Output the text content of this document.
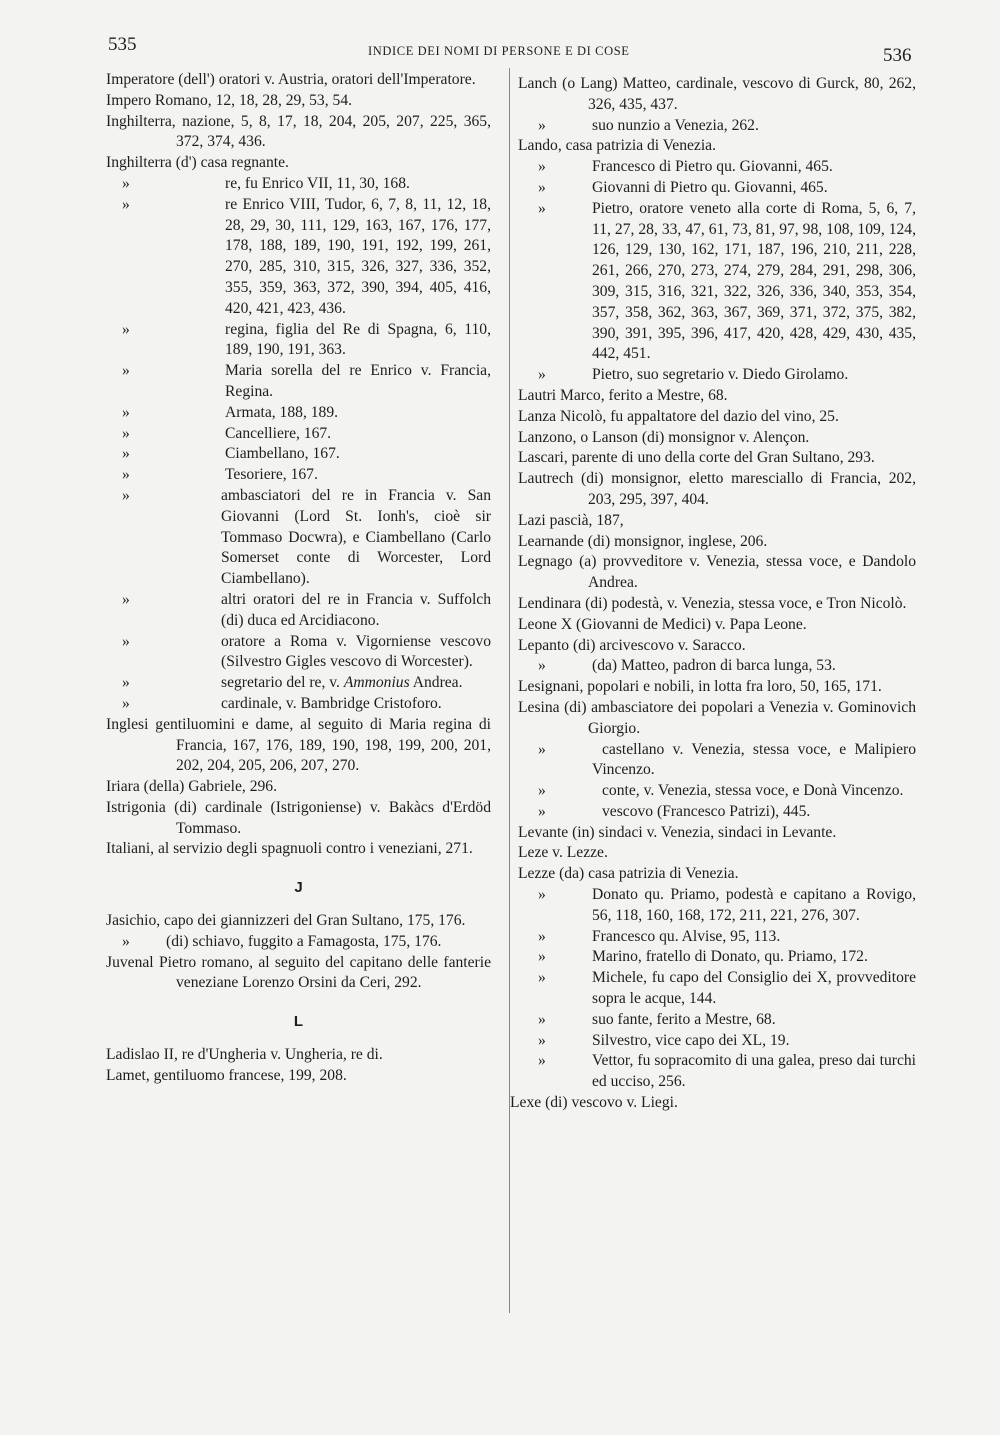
535	INDICE DEI NOMI DI PERSONE E DI COSE	536
Imperatore (dell') oratori v. Austria, oratori dell'Imperatore.
Impero Romano, 12, 18, 28, 29, 53, 54.
Inghilterra, nazione, 5, 8, 17, 18, 204, 205, 207, 225, 365, 372, 374, 436.
Inghilterra (d') casa regnante.
»	re, fu Enrico VII, 11, 30, 168.
»	re Enrico VIII, Tudor, 6, 7, 8, 11, 12, 18, 28, 29, 30, 111, 129, 163, 167, 176, 177, 178, 188, 189, 190, 191, 192, 199, 261, 270, 285, 310, 315, 326, 327, 336, 352, 355, 359, 363, 372, 390, 394, 405, 416, 420, 421, 423, 436.
»	regina, figlia del Re di Spagna, 6, 110, 189, 190, 191, 363.
»	Maria sorella del re Enrico v. Francia, Regina.
»	Armata, 188, 189.
»	Cancelliere, 167.
»	Ciambellano, 167.
»	Tesoriere, 167.
»	ambasciatori del re in Francia v. San Giovanni (Lord St. Ionh's, cioè sir Tommaso Docwra), e Ciambellano (Carlo Somerset conte di Worcester, Lord Ciambellano).
»	altri oratori del re in Francia v. Suffolch (di) duca ed Arcidiacono.
»	oratore a Roma v. Vigorniense vescovo (Silvestro Gigles vescovo di Worcester).
»	segretario del re, v. Ammonius Andrea.
»	cardinale, v. Bambridge Cristoforo.
Inglesi gentiluomini e dame, al seguito di Maria regina di Francia, 167, 176, 189, 190, 198, 199, 200, 201, 202, 204, 205, 206, 207, 270.
Iriara (della) Gabriele, 296.
Istrigonia (di) cardinale (Istrigoniense) v. Bakàcs d'Erdöd Tommaso.
Italiani, al servizio degli spagnuoli contro i veneziani, 271.
J
Jasichio, capo dei giannizzeri del Gran Sultano, 175, 176.
» (di) schiavo, fuggito a Famagosta, 175, 176.
Juvenal Pietro romano, al seguito del capitano delle fanterie veneziane Lorenzo Orsini da Ceri, 292.
L
Ladislao II, re d'Ungheria v. Ungheria, re di.
Lamet, gentiluomo francese, 199, 208.
Lanch (o Lang) Matteo, cardinale, vescovo di Gurck, 80, 262, 326, 435, 437.
»	suo nunzio a Venezia, 262.
Lando, casa patrizia di Venezia.
»	Francesco di Pietro qu. Giovanni, 465.
»	Giovanni di Pietro qu. Giovanni, 465.
»	Pietro, oratore veneto alla corte di Roma, 5, 6, 7, 11, 27, 28, 33, 47, 61, 73, 81, 97, 98, 108, 109, 124, 126, 129, 130, 162, 171, 187, 196, 210, 211, 228, 261, 266, 270, 273, 274, 279, 284, 291, 298, 306, 309, 315, 316, 321, 322, 326, 336, 340, 353, 354, 357, 358, 362, 363, 367, 369, 371, 372, 375, 382, 390, 391, 395, 396, 417, 420, 428, 429, 430, 435, 442, 451.
»	Pietro, suo segretario v. Diedo Girolamo.
Lautri Marco, ferito a Mestre, 68.
Lanza Nicolò, fu appaltatore del dazio del vino, 25.
Lanzono, o Lanson (di) monsignor v. Alençon.
Lascari, parente di uno della corte del Gran Sultano, 293.
Lautrech (di) monsignor, eletto maresciallo di Francia, 202, 203, 295, 397, 404.
Lazi pascià, 187,
Learnande (di) monsignor, inglese, 206.
Legnago (a) provveditore v. Venezia, stessa voce, e Dandolo Andrea.
Lendinara (di) podestà, v. Venezia, stessa voce, e Tron Nicolò.
Leone X (Giovanni de Medici) v. Papa Leone.
Lepanto (di) arcivescovo v. Saracco.
»	(da) Matteo, padron di barca lunga, 53.
Lesignani, popolari e nobili, in lotta fra loro, 50, 165, 171.
Lesina (di) ambasciatore dei popolari a Venezia v. Gominovich Giorgio.
»	castellano v. Venezia, stessa voce, e Malipiero Vincenzo.
»	conte, v. Venezia, stessa voce, e Donà Vincenzo.
»	vescovo (Francesco Patrizi), 445.
Levante (in) sindaci v. Venezia, sindaci in Levante.
Leze v. Lezze.
Lezze (da) casa patrizia di Venezia.
»	Donato qu. Priamo, podestà e capitano a Rovigo, 56, 118, 160, 168, 172, 211, 221, 276, 307.
»	Francesco qu. Alvise, 95, 113.
»	Marino, fratello di Donato, qu. Priamo, 172.
»	Michele, fu capo del Consiglio dei X, provveditore sopra le acque, 144.
»	suo fante, ferito a Mestre, 68.
»	Silvestro, vice capo dei XL, 19.
»	Vettor, fu sopracomito di una galea, preso dai turchi ed ucciso, 256.
Lexe (di) vescovo v. Liegi.
